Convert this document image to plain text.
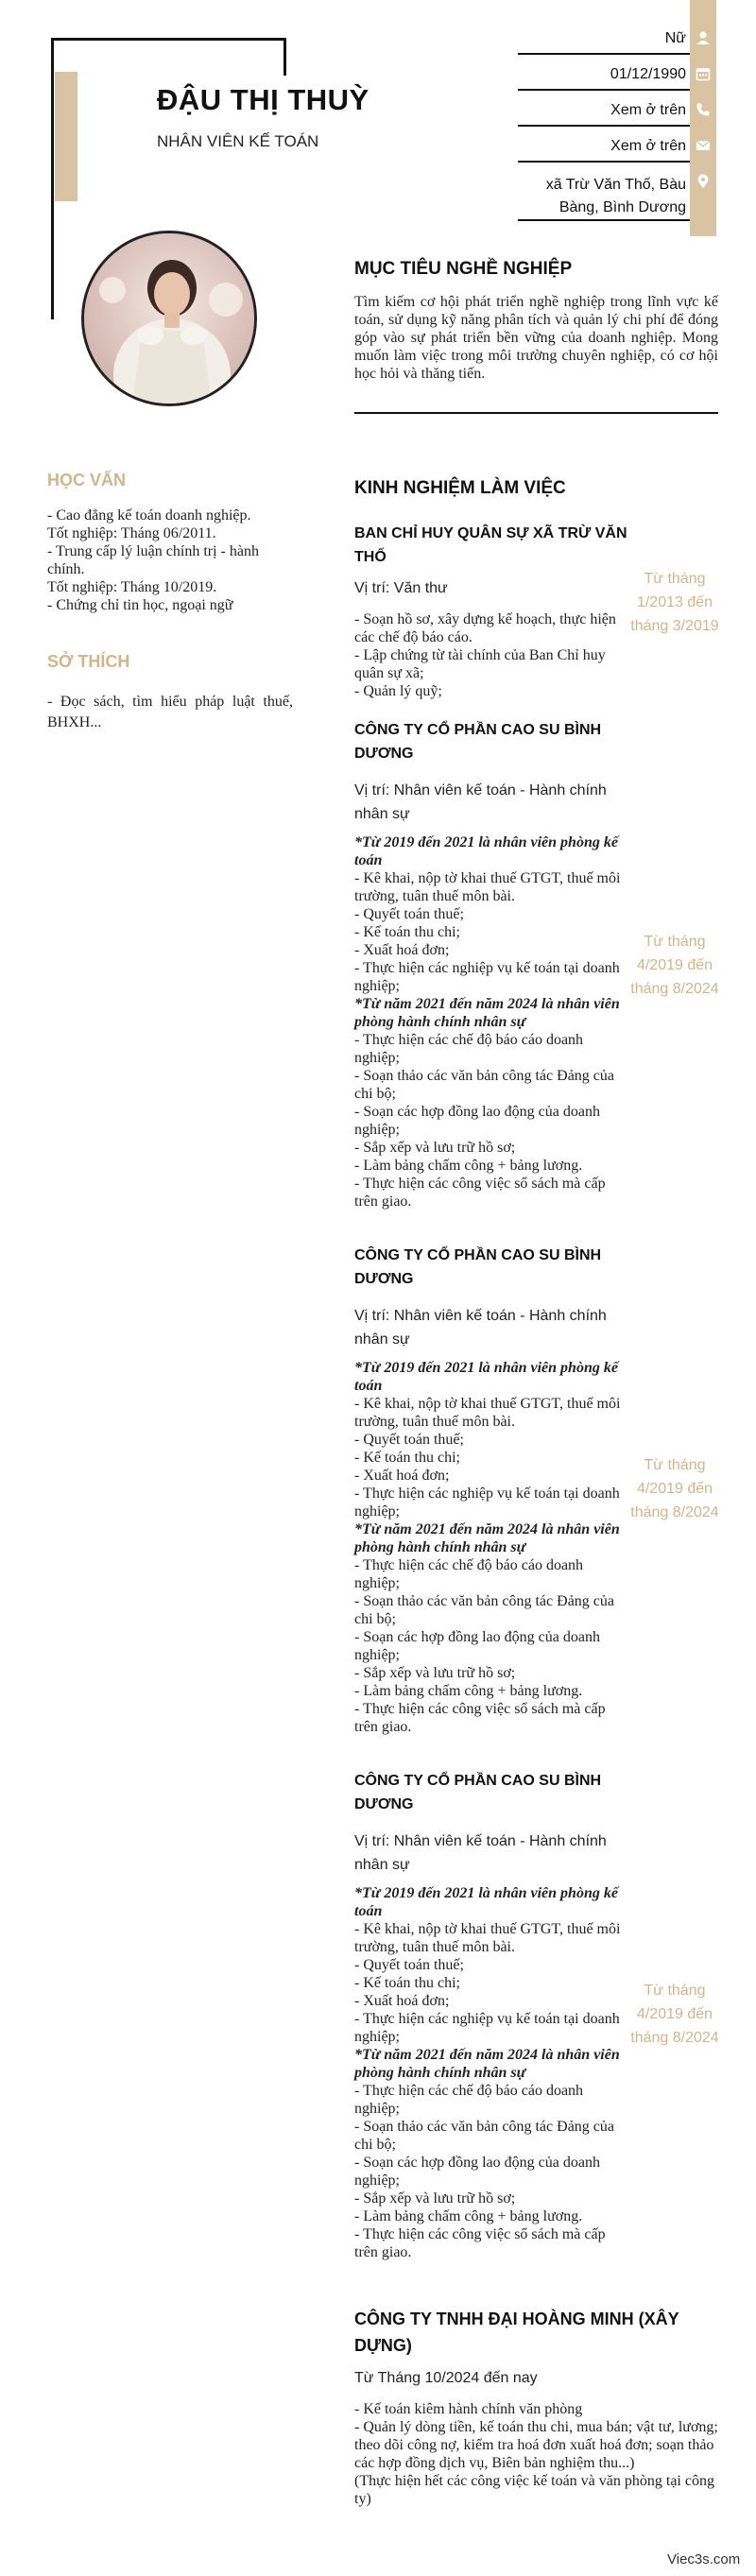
ĐẬU THỊ THUỲ
NHÂN VIÊN KẾ TOÁN
Nữ
01/12/1990
Xem ở trên
Xem ở trên
xã Trừ Văn Thố, Bàu Bàng, Bình Dương
MỤC TIÊU NGHỀ NGHIỆP
Tìm kiếm cơ hội phát triển nghề nghiệp trong lĩnh vực kế toán, sử dụng kỹ năng phân tích và quản lý chi phí để đóng góp vào sự phát triển bền vững của doanh nghiệp. Mong muốn làm việc trong môi trường chuyên nghiệp, có cơ hội học hỏi và thăng tiến.
HỌC VẤN
- Cao đẳng kế toán doanh nghiệp.
Tốt nghiệp: Tháng 06/2011.
- Trung cấp lý luận chính trị - hành chính.
Tốt nghiệp: Tháng 10/2019.
- Chứng chỉ tin học, ngoại ngữ
SỞ THÍCH
- Đọc sách, tìm hiểu pháp luật thuế, BHXH...
KINH NGHIỆM LÀM VIỆC
BAN CHỈ HUY QUÂN SỰ XÃ TRỪ VĂN THỐ
Vị trí: Văn thư
- Soạn hồ sơ, xây dựng kế hoạch, thực hiện các chế độ báo cáo.
- Lập chứng từ tài chính của Ban Chỉ huy quân sự xã;
- Quản lý quỹ;
Từ tháng 1/2013 đến tháng 3/2019
CÔNG TY CỔ PHẦN CAO SU BÌNH DƯƠNG
Vị trí: Nhân viên kế toán - Hành chính nhân sự
*Từ 2019 đến 2021 là nhân viên phòng kế toán
- Kê khai, nộp tờ khai thuế GTGT, thuế môi trường, tuân thuế môn bài.
- Quyết toán thuế;
- Kế toán thu chi;
- Xuất hoá đơn;
- Thực hiện các nghiệp vụ kế toán tại doanh nghiệp;
*Từ năm 2021 đến năm 2024 là nhân viên phòng hành chính nhân sự
- Thực hiện các chế độ báo cáo doanh nghiệp;
- Soạn thảo các văn bản công tác Đảng của chi bộ;
- Soạn các hợp đồng lao động của doanh nghiệp;
- Sắp xếp và lưu trữ hồ sơ;
- Làm bảng chấm công + bảng lương.
- Thực hiện các công việc sổ sách mà cấp trên giao.
Từ tháng 4/2019 đến tháng 8/2024
CÔNG TY CỔ PHẦN CAO SU BÌNH DƯƠNG
Vị trí: Nhân viên kế toán - Hành chính nhân sự
*Từ 2019 đến 2021 là nhân viên phòng kế toán
- Kê khai, nộp tờ khai thuế GTGT, thuế môi trường, tuân thuế môn bài.
- Quyết toán thuế;
- Kế toán thu chi;
- Xuất hoá đơn;
- Thực hiện các nghiệp vụ kế toán tại doanh nghiệp;
*Từ năm 2021 đến năm 2024 là nhân viên phòng hành chính nhân sự
- Thực hiện các chế độ báo cáo doanh nghiệp;
- Soạn thảo các văn bản công tác Đảng của chi bộ;
- Soạn các hợp đồng lao động của doanh nghiệp;
- Sắp xếp và lưu trữ hồ sơ;
- Làm bảng chấm công + bảng lương.
- Thực hiện các công việc sổ sách mà cấp trên giao.
Từ tháng 4/2019 đến tháng 8/2024
CÔNG TY CỔ PHẦN CAO SU BÌNH DƯƠNG
Vị trí: Nhân viên kế toán - Hành chính nhân sự
*Từ 2019 đến 2021 là nhân viên phòng kế toán
- Kê khai, nộp tờ khai thuế GTGT, thuế môi trường, tuân thuế môn bài.
- Quyết toán thuế;
- Kế toán thu chi;
- Xuất hoá đơn;
- Thực hiện các nghiệp vụ kế toán tại doanh nghiệp;
*Từ năm 2021 đến năm 2024 là nhân viên phòng hành chính nhân sự
- Thực hiện các chế độ báo cáo doanh nghiệp;
- Soạn thảo các văn bản công tác Đảng của chi bộ;
- Soạn các hợp đồng lao động của doanh nghiệp;
- Sắp xếp và lưu trữ hồ sơ;
- Làm bảng chấm công + bảng lương.
- Thực hiện các công việc sổ sách mà cấp trên giao.
Từ tháng 4/2019 đến tháng 8/2024
CÔNG TY TNHH ĐẠI HOÀNG MINH (XÂY DỰNG)
Từ Tháng 10/2024 đến nay
- Kế toán kiêm hành chính văn phòng
- Quản lý dòng tiền, kế toán thu chi, mua bán; vật tư, lương; theo dõi công nợ, kiểm tra hoá đơn xuất hoá đơn; soạn thảo các hợp đồng dịch vụ, Biên bản nghiệm thu...)
(Thực hiện hết các công việc kế toán và văn phòng tại công ty)
Viec3s.com
